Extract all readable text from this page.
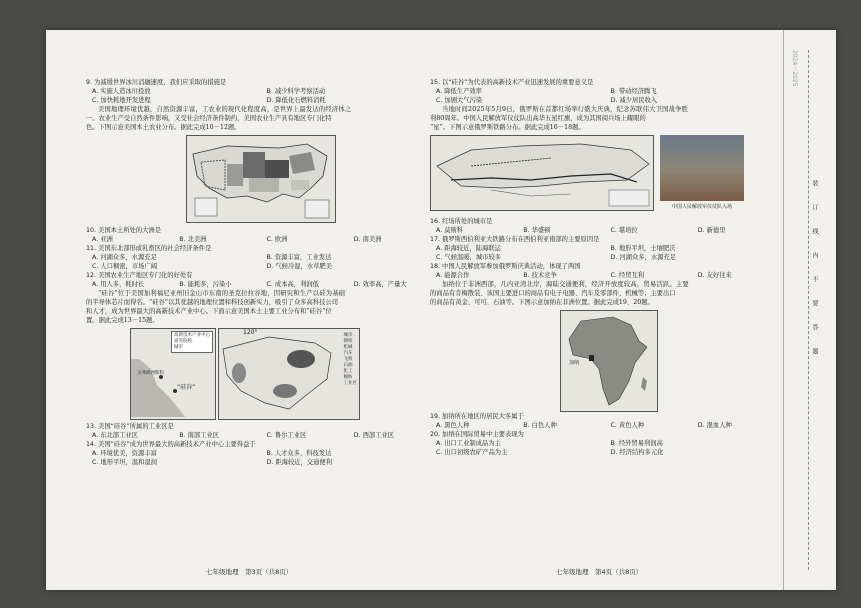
9. 为减缓世界冰川消融速度，我们应采取的措施是

A. 实施人造冰川投放	B. 减少科学考察活动
C. 加快耗地开发进程	D. 降低化石燃料消耗

美国地理环境优越，自然资源丰富，工农业的现代化程度高，是世界上最发达的经济体之

一。农业生产受自然条件影响，又受社会经济条件制约，美国农业生产具有地区专门化特

色。下图示意美国本土农业分布。据此完成10－12题。

10. 美国本土所处的大洲是

A. 亚洲	B. 北美洲	C. 欧洲	D. 南美洲

11. 美国东北部形成乳畜区的社会经济条件是

A. 河湖众多，水源充足	B. 资源丰富，工业发达
C. 人口稠密，市场广阔	D. 气候冷湿，水草肥美

12. 美国农业生产地区专门化的好处有

A. 用人多，耗时长	B. 能耗多，污染小	C. 成本高，利润低	D. 效率高，产量大

“硅谷”位于美国加利福尼亚州旧金山市东南的圣克拉拉谷地，因研究和生产以硅为基础

的半导体芯片而得名。“硅谷”以其优越的地理位置和科技创新实力，吸引了众多高科技公司

和人才，成为世界最大的高新技术产业中心。下面示意美国本土主要工业分布和“硅谷”位

置。据此完成13－15题。

高新技术产业中心
高等院校
城市
圣弗朗西斯科
“硅谷”
120°	城市
钢铁
机械
汽车
飞机
石油
化工
棉纺
工业区

13. 美国“硅谷”所属的工业区是

A. 东北部工业区	B. 南部工业区	C. 鲁尔工业区	D. 西部工业区

14. 美国“硅谷”成为世界最大的高新技术产业中心主要得益于

A. 环境优美，资源丰富	B. 人才众多，科技发达
C. 地形平坦，温和湿润	D. 距海较近，交通便利
七年级地理　第3页（共8页）

15. 以“硅谷”为代表的高新技术产业迅速发展的重要意义是

A. 降低生产效率	B. 带动经济腾飞
C. 加剧大气污染	D. 减少居民收入

当地时间2025年5月9日，俄罗斯在首都红场举行盛大庆典，纪念苏联伟大卫国战争胜

利80周年。中国人民解放军仪仗队出高华五星红旗，成为其国阅兵场上耀眼的

“星”。下图示意俄罗斯铁路分布。据此完成16－18题。

中国人民解放军仪仗队入场

16. 红场所处的城市是

A. 莫斯科	B. 华盛顿	C. 堪培拉	D. 新德里

17. 俄罗斯西伯利亚大铁路分布在西伯利亚南部的主要原因是

A. 距海较近，陆海联运	B. 地形平坦，土壤肥沃
C. 气候温暖，城市较多	D. 河湖众多，水源充足

18. 中国人民解放军参加俄罗斯庆典活动，体现了两国

A. 能源合作	B. 技术竞争	C. 经贸互利	D. 友好往来

加纳位于非洲西部，几内亚湾北岸，海陆交通便利，经济开放度较高，贸易活跃。主要

的商品有肯梅散装、该国主要进口的商品有电子电器、汽车及零部件、机械等；主要出口

的商品有黄金、可可、石油等。下图示意加纳在非洲位置。据此完成19、20题。

加纳

19. 加纳所在地区的居民大多属于

A. 黑色人种	B. 白色人种	C. 黄色人种	D. 混血人种

20. 加纳在国际贸易中主要表现为

A. 出口工业制成品为主	B. 经外贸易利润高
C. 出口初级农矿产品为主	D. 经济结构多元化
七年级地理　第4页（共8页）
装　　订　　线　　内　　不　　要　　答　　题
2024－2025
